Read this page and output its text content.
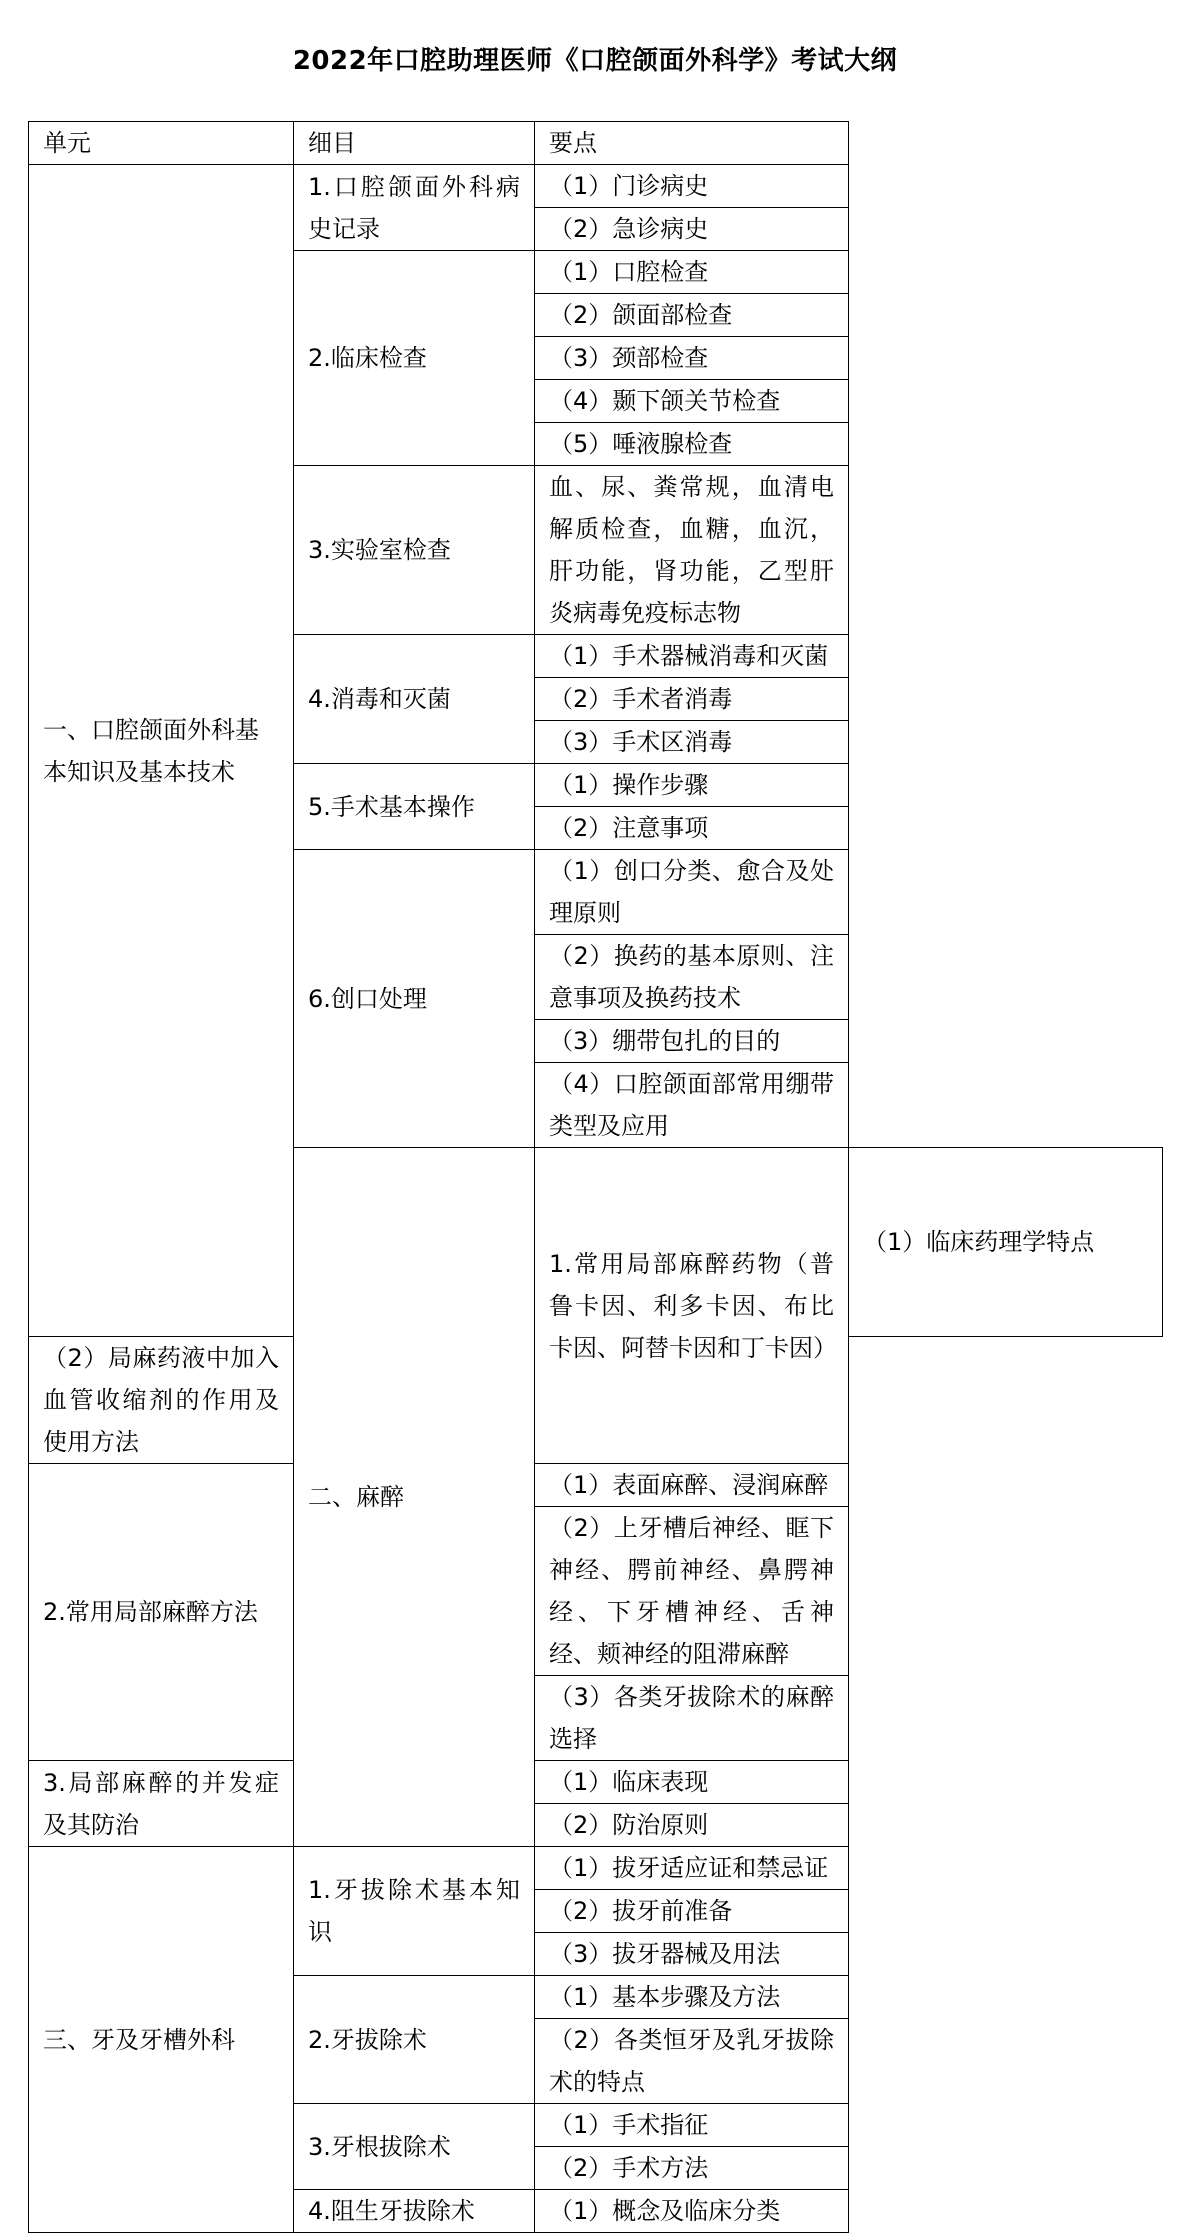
2022年口腔助理医师《口腔颌面外科学》考试大纲
单元	细目	要点	
一、口腔颌面外科基本知识及基本技术	1.口腔颌面外科病史记录	（1）门诊病史	
		（2）急诊病史	
	2.临床检查	（1）口腔检查	
		（2）颌面部检查	
		（3）颈部检查	
		（4）颞下颌关节检查	
		（5）唾液腺检查	
	3.实验室检查	血、尿、粪常规，血清电解质检查，血糖，血沉，肝功能，肾功能，乙型肝炎病毒免疫标志物	
	4.消毒和灭菌	（1）手术器械消毒和灭菌	
		（2）手术者消毒	
		（3）手术区消毒	
	5.手术基本操作	（1）操作步骤	
		（2）注意事项	
	6.创口处理	（1）创口分类、愈合及处理原则	
		（2）换药的基本原则、注意事项及换药技术	
		（3）绷带包扎的目的	
		（4）口腔颌面部常用绷带类型及应用	
	二、麻醉	1.常用局部麻醉药物（普鲁卡因、利多卡因、布比卡因、阿替卡因和丁卡因）	（1）临床药理学特点
（2）局麻药液中加入血管收缩剂的作用及使用方法			
2.常用局部麻醉方法		（1）表面麻醉、浸润麻醉	
		（2）上牙槽后神经、眶下神经、腭前神经、鼻腭神经、下牙槽神经、舌神经、颊神经的阻滞麻醉	
		（3）各类牙拔除术的麻醉选择	
3.局部麻醉的并发症及其防治		（1）临床表现	
		（2）防治原则	
三、牙及牙槽外科	1.牙拔除术基本知识	（1）拔牙适应证和禁忌证	
		（2）拔牙前准备	
		（3）拔牙器械及用法	
	2.牙拔除术	（1）基本步骤及方法	
		（2）各类恒牙及乳牙拔除术的特点	
	3.牙根拔除术	（1）手术指征	
		（2）手术方法	
	4.阻生牙拔除术	（1）概念及临床分类	
